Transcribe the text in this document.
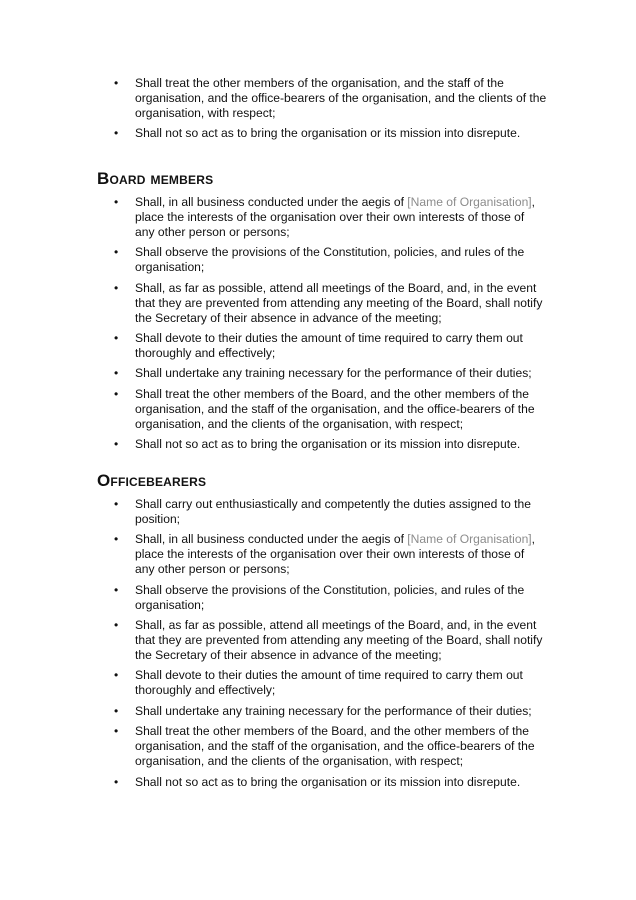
• Shall treat the other members of the organisation, and the staff of the organisation, and the office-bearers of the organisation, and the clients of the organisation, with respect;
• Shall not so act as to bring the organisation or its mission into disrepute.
Board members
• Shall, in all business conducted under the aegis of [Name of Organisation], place the interests of the organisation over their own interests of those of any other person or persons;
• Shall observe the provisions of the Constitution, policies, and rules of the organisation;
• Shall, as far as possible, attend all meetings of the Board, and, in the event that they are prevented from attending any meeting of the Board, shall notify the Secretary of their absence in advance of the meeting;
• Shall devote to their duties the amount of time required to carry them out thoroughly and effectively;
• Shall undertake any training necessary for the performance of their duties;
• Shall treat the other members of the Board, and the other members of the organisation, and the staff of the organisation, and the office-bearers of the organisation, and the clients of the organisation, with respect;
• Shall not so act as to bring the organisation or its mission into disrepute.
Officebearers
• Shall carry out enthusiastically and competently the duties assigned to the position;
• Shall, in all business conducted under the aegis of [Name of Organisation], place the interests of the organisation over their own interests of those of any other person or persons;
• Shall observe the provisions of the Constitution, policies, and rules of the organisation;
• Shall, as far as possible, attend all meetings of the Board, and, in the event that they are prevented from attending any meeting of the Board, shall notify the Secretary of their absence in advance of the meeting;
• Shall devote to their duties the amount of time required to carry them out thoroughly and effectively;
• Shall undertake any training necessary for the performance of their duties;
• Shall treat the other members of the Board, and the other members of the organisation, and the staff of the organisation, and the office-bearers of the organisation, and the clients of the organisation, with respect;
• Shall not so act as to bring the organisation or its mission into disrepute.
